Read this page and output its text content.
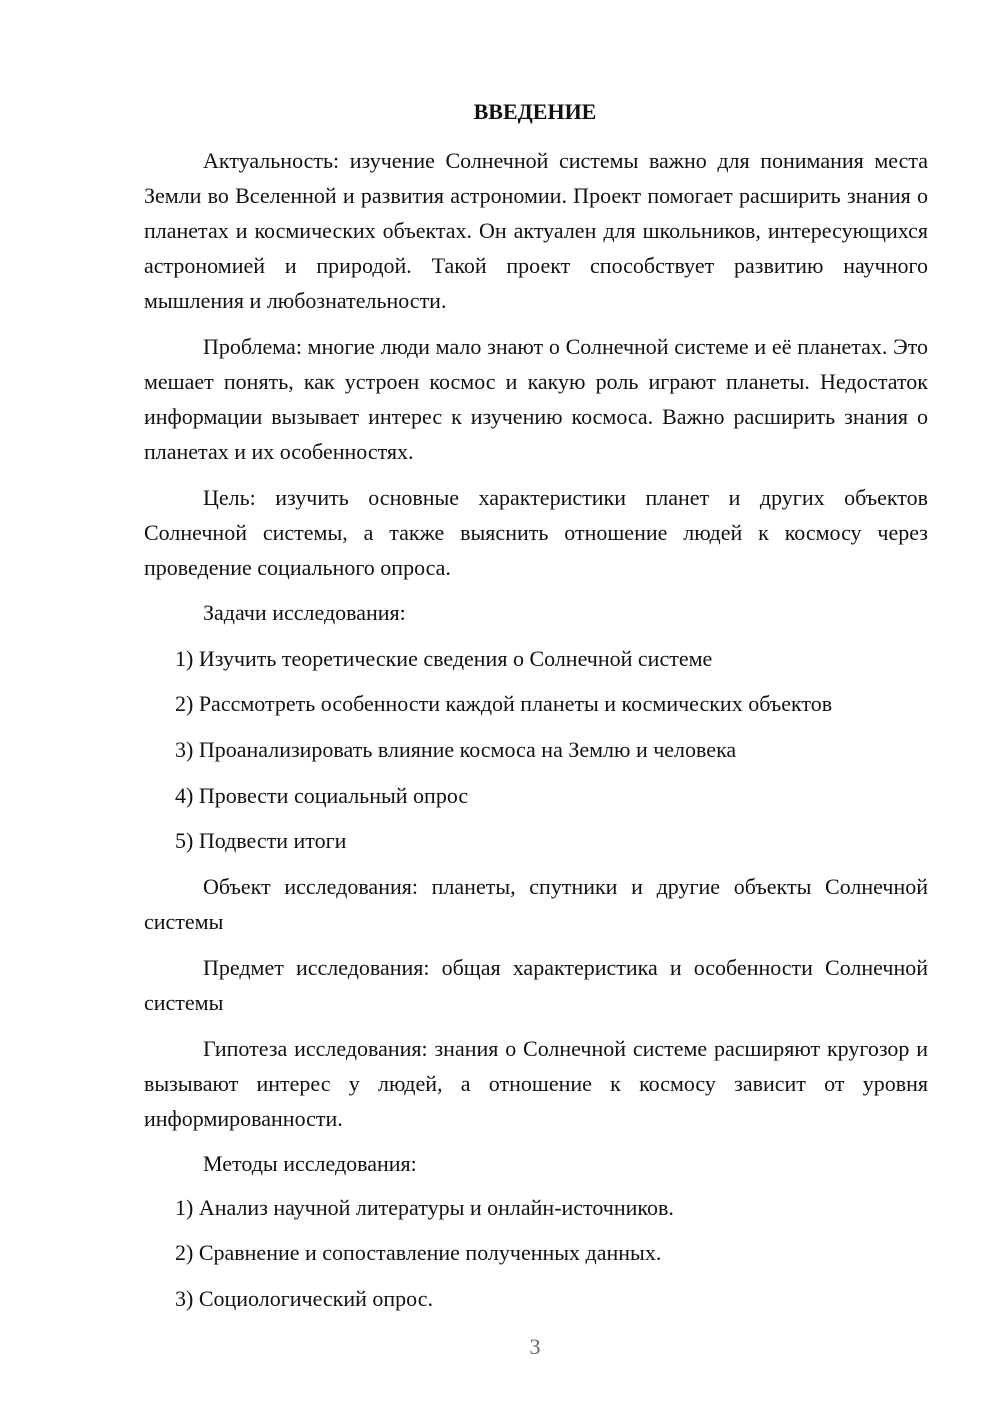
ВВЕДЕНИЕ

Актуальность: изучение Солнечной системы важно для понимания места Земли во Вселенной и развития астрономии. Проект помогает расширить знания о планетах и космических объектах. Он актуален для школьников, интересующихся астрономией и природой. Такой проект способствует развитию научного мышления и любознательности.

Проблема: многие люди мало знают о Солнечной системе и её планетах. Это мешает понять, как устроен космос и какую роль играют планеты. Недостаток информации вызывает интерес к изучению космоса. Важно расширить знания о планетах и их особенностях.

Цель: изучить основные характеристики планет и других объектов Солнечной системы, а также выяснить отношение людей к космосу через проведение социального опроса.

Задачи исследования:
1) Изучить теоретические сведения о Солнечной системе
2) Рассмотреть особенности каждой планеты и космических объектов
3) Проанализировать влияние космоса на Землю и человека
4) Провести социальный опрос
5) Подвести итоги

Объект исследования: планеты, спутники и другие объекты Солнечной системы

Предмет исследования: общая характеристика и особенности Солнечной системы

Гипотеза исследования: знания о Солнечной системе расширяют кругозор и вызывают интерес у людей, а отношение к космосу зависит от уровня информированности.

Методы исследования:
1) Анализ научной литературы и онлайн-источников.
2) Сравнение и сопоставление полученных данных.
3) Социологический опрос.
3
